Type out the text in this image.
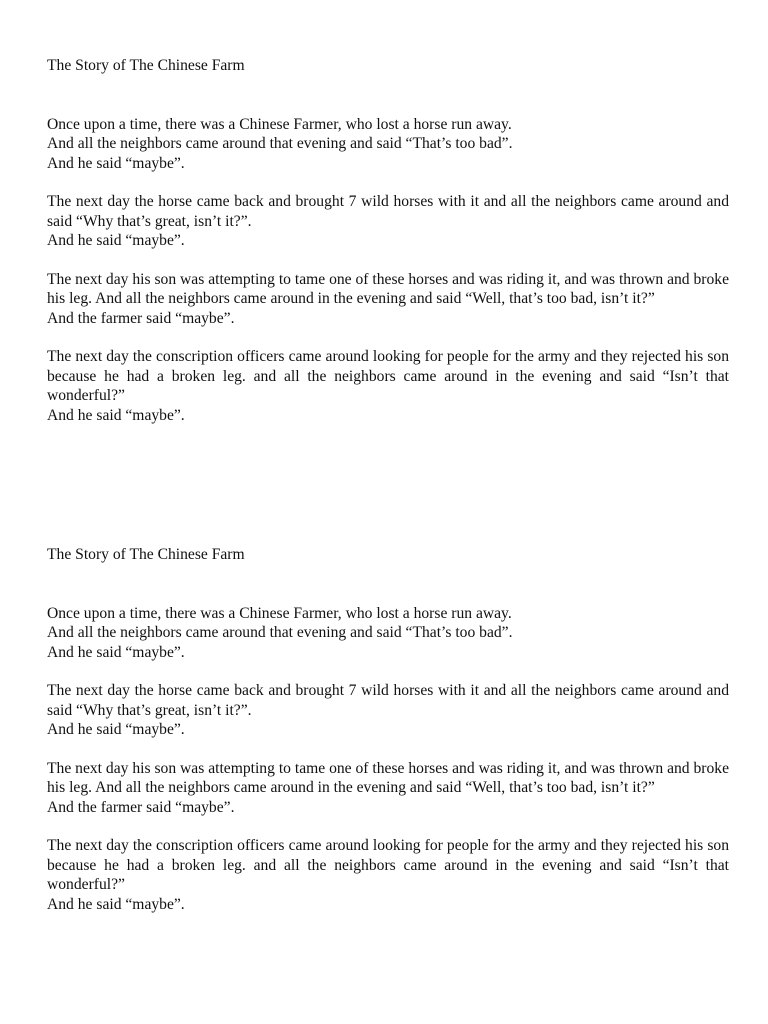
The Story of The Chinese Farm

Once upon a time, there was a Chinese Farmer, who lost a horse run away.
And all the neighbors came around that evening and said “That’s too bad”.
And he said “maybe”.

The next day the horse came back and brought 7 wild horses with it and all the neighbors came around and said “Why that’s great, isn’t it?”.
And he said “maybe”.

The next day his son was attempting to tame one of these horses and was riding it, and was thrown and broke his leg. And all the neighbors came around in the evening and said “Well, that’s too bad, isn’t it?”
And the farmer said “maybe”.

The next day the conscription officers came around looking for people for the army and they rejected his son because he had a broken leg. and all the neighbors came around in the evening and said “Isn’t that wonderful?”
And he said “maybe”.

The Story of The Chinese Farm

Once upon a time, there was a Chinese Farmer, who lost a horse run away.
And all the neighbors came around that evening and said “That’s too bad”.
And he said “maybe”.

The next day the horse came back and brought 7 wild horses with it and all the neighbors came around and said “Why that’s great, isn’t it?”.
And he said “maybe”.

The next day his son was attempting to tame one of these horses and was riding it, and was thrown and broke his leg. And all the neighbors came around in the evening and said “Well, that’s too bad, isn’t it?”
And the farmer said “maybe”.

The next day the conscription officers came around looking for people for the army and they rejected his son because he had a broken leg. and all the neighbors came around in the evening and said “Isn’t that wonderful?”
And he said “maybe”.
